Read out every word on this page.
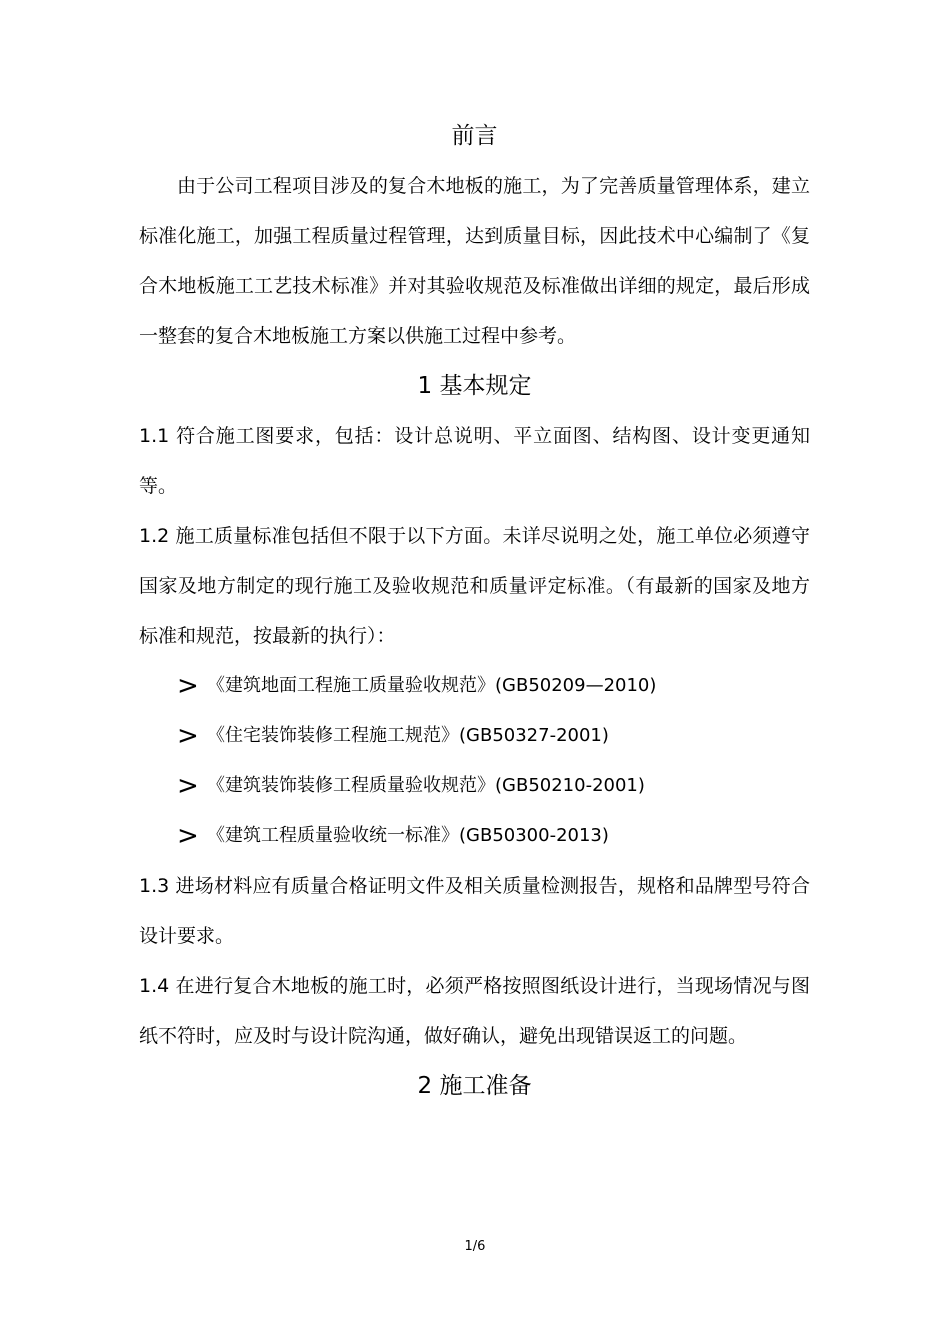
前言

由于公司工程项目涉及的复合木地板的施工，为了完善质量管理体系，建立标准化施工，加强工程质量过程管理，达到质量目标，因此技术中心编制了《复合木地板施工工艺技术标准》并对其验收规范及标准做出详细的规定，最后形成一整套的复合木地板施工方案以供施工过程中参考。

1 基本规定

1.1 符合施工图要求，包括：设计总说明、平立面图、结构图、设计变更通知等。

1.2 施工质量标准包括但不限于以下方面。未详尽说明之处，施工单位必须遵守国家及地方制定的现行施工及验收规范和质量评定标准。（有最新的国家及地方标准和规范，按最新的执行）：

> 《建筑地面工程施工质量验收规范》(GB50209—2010)
> 《住宅装饰装修工程施工规范》(GB50327-2001)
> 《建筑装饰装修工程质量验收规范》(GB50210-2001)
> 《建筑工程质量验收统一标准》(GB50300-2013)

1.3 进场材料应有质量合格证明文件及相关质量检测报告，规格和品牌型号符合设计要求。

1.4 在进行复合木地板的施工时，必须严格按照图纸设计进行，当现场情况与图纸不符时，应及时与设计院沟通，做好确认，避免出现错误返工的问题。

2 施工准备
1/6
